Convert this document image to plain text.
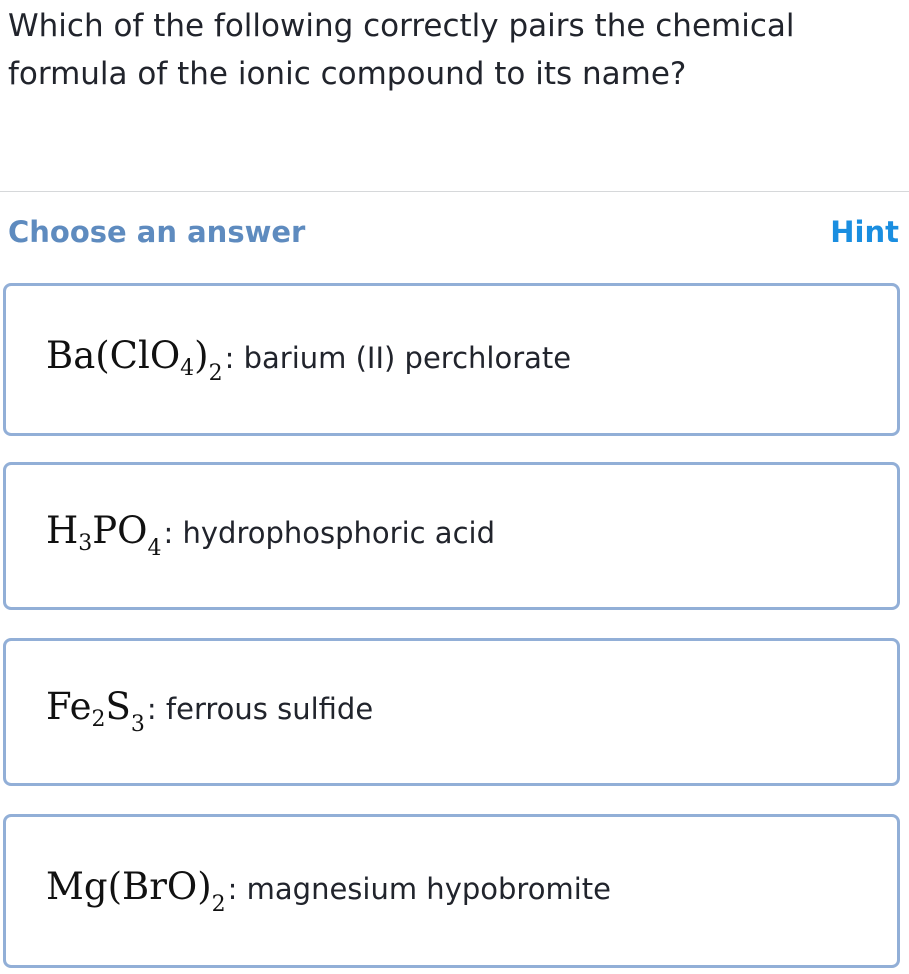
Which of the following correctly pairs the chemical formula of the ionic compound to its name?
Choose an answer	Hint
$Ba(ClO_4)_2$ : barium (II) perchlorate
$H_3PO_4$ : hydrophosphoric acid
$Fe_2S_3$ : ferrous sulfide
$Mg(BrO)_2$ : magnesium hypobromite
